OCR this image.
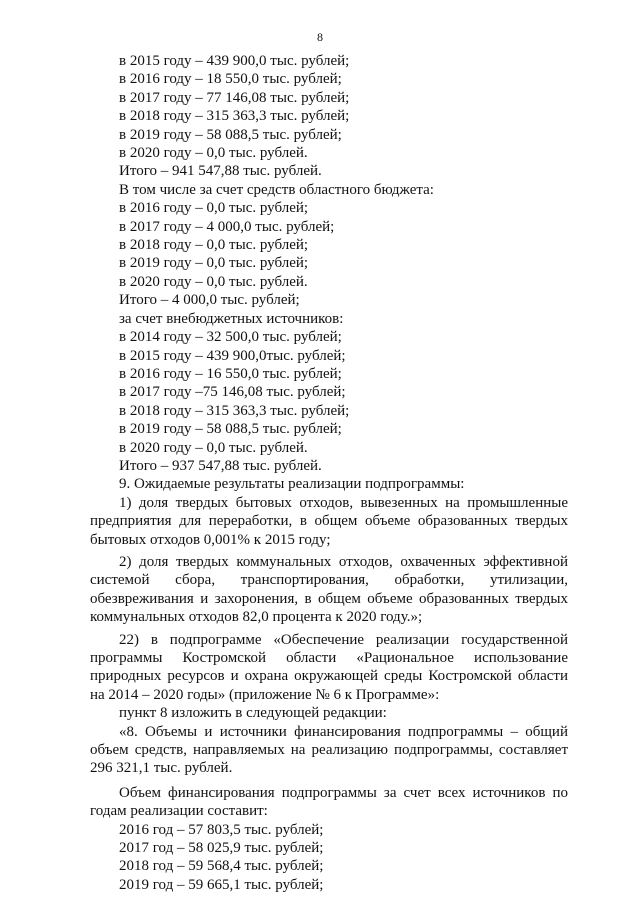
8
в 2015 году – 439 900,0 тыс. рублей;
в 2016 году – 18 550,0 тыс. рублей;
в 2017 году – 77 146,08 тыс. рублей;
в 2018 году – 315 363,3 тыс. рублей;
в 2019 году – 58 088,5 тыс. рублей;
в 2020 году – 0,0 тыс. рублей.
Итого – 941 547,88 тыс. рублей.
В том числе за счет средств областного бюджета:
в 2016 году – 0,0 тыс. рублей;
в 2017 году – 4 000,0 тыс. рублей;
в 2018 году – 0,0 тыс. рублей;
в 2019 году – 0,0 тыс. рублей;
в 2020 году – 0,0 тыс. рублей.
Итого – 4 000,0 тыс. рублей;
за счет внебюджетных источников:
в 2014 году – 32 500,0 тыс. рублей;
в 2015 году – 439 900,0тыс. рублей;
в 2016 году – 16 550,0 тыс. рублей;
в 2017 году –75 146,08 тыс. рублей;
в 2018 году – 315 363,3 тыс. рублей;
в 2019 году – 58 088,5 тыс. рублей;
в 2020 году – 0,0 тыс. рублей.
Итого – 937 547,88 тыс. рублей.
9. Ожидаемые результаты реализации подпрограммы:

1) доля твердых бытовых отходов, вывезенных на промышленные предприятия для переработки, в общем объеме образованных твердых бытовых отходов 0,001% к 2015 году;

2) доля твердых коммунальных отходов, охваченных эффективной системой сбора, транспортирования, обработки, утилизации, обезвреживания и захоронения, в общем объеме образованных твердых коммунальных отходов 82,0 процента к 2020 году.»;

22) в подпрограмме «Обеспечение реализации государственной программы Костромской области «Рациональное использование природных ресурсов и охрана окружающей среды Костромской области на 2014 – 2020 годы» (приложение № 6 к Программе»:

пункт 8 изложить в следующей редакции:

«8. Объемы и источники финансирования подпрограммы – общий объем средств, направляемых на реализацию подпрограммы, составляет 296 321,1 тыс. рублей.

Объем финансирования подпрограммы за счет всех источников по годам реализации составит:

2016 год – 57 803,5 тыс. рублей;
2017 год – 58 025,9 тыс. рублей;
2018 год – 59 568,4 тыс. рублей;
2019 год – 59 665,1 тыс. рублей;
